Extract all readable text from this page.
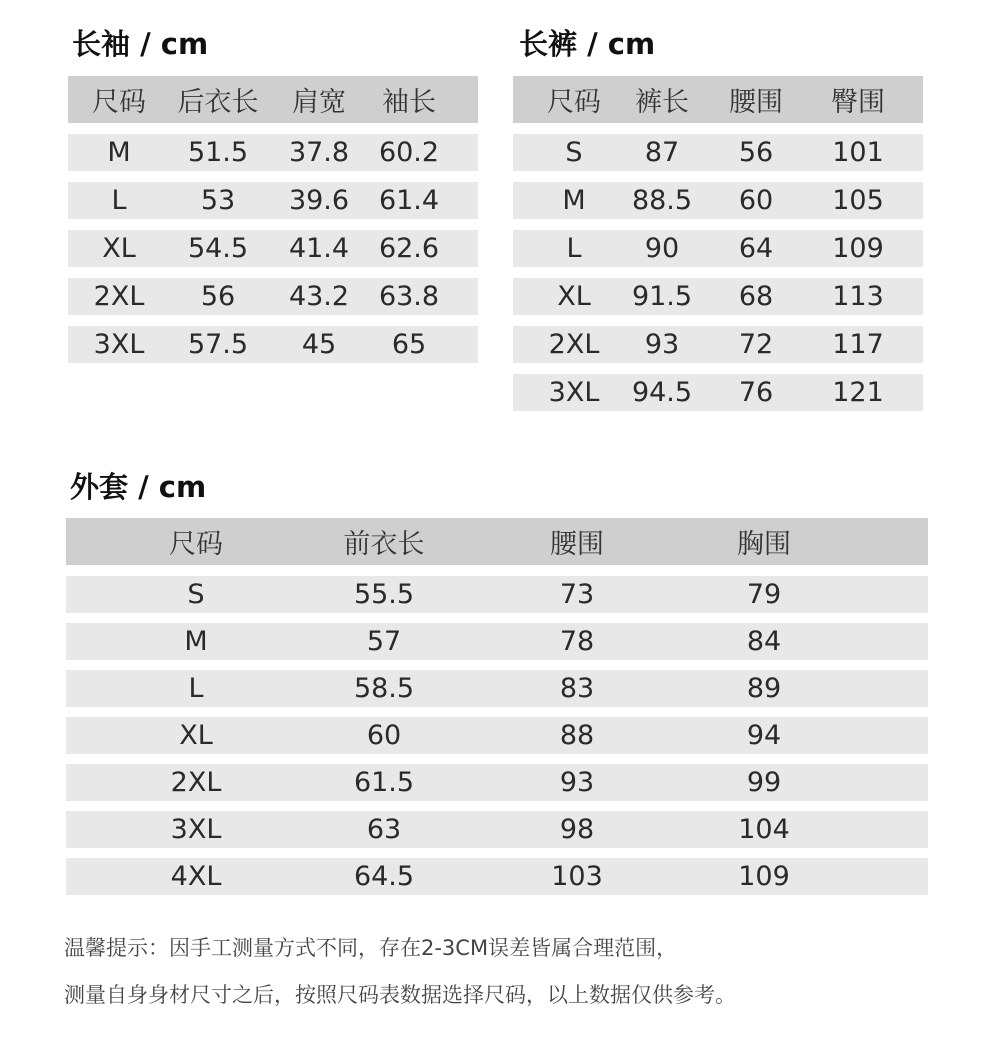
长袖 / cm	长裤 / cm
外套 / cm
尺码	后衣长	肩宽	袖长
M	51.5	37.8	60.2
L	53	39.6	61.4
XL	54.5	41.4	62.6
2XL	56	43.2	63.8
3XL	57.5	45	65
尺码	裤长	腰围	臀围
S	87	56	101
M	88.5	60	105
L	90	64	109
XL	91.5	68	113
2XL	93	72	117
3XL	94.5	76	121
尺码	前衣长	腰围	胸围
S	55.5	73	79
M	57	78	84
L	58.5	83	89
XL	60	88	94
2XL	61.5	93	99
3XL	63	98	104
4XL	64.5	103	109
温馨提示：因手工测量方式不同，存在2-3CM误差皆属合理范围，
测量自身身材尺寸之后，按照尺码表数据选择尺码，以上数据仅供参考。
